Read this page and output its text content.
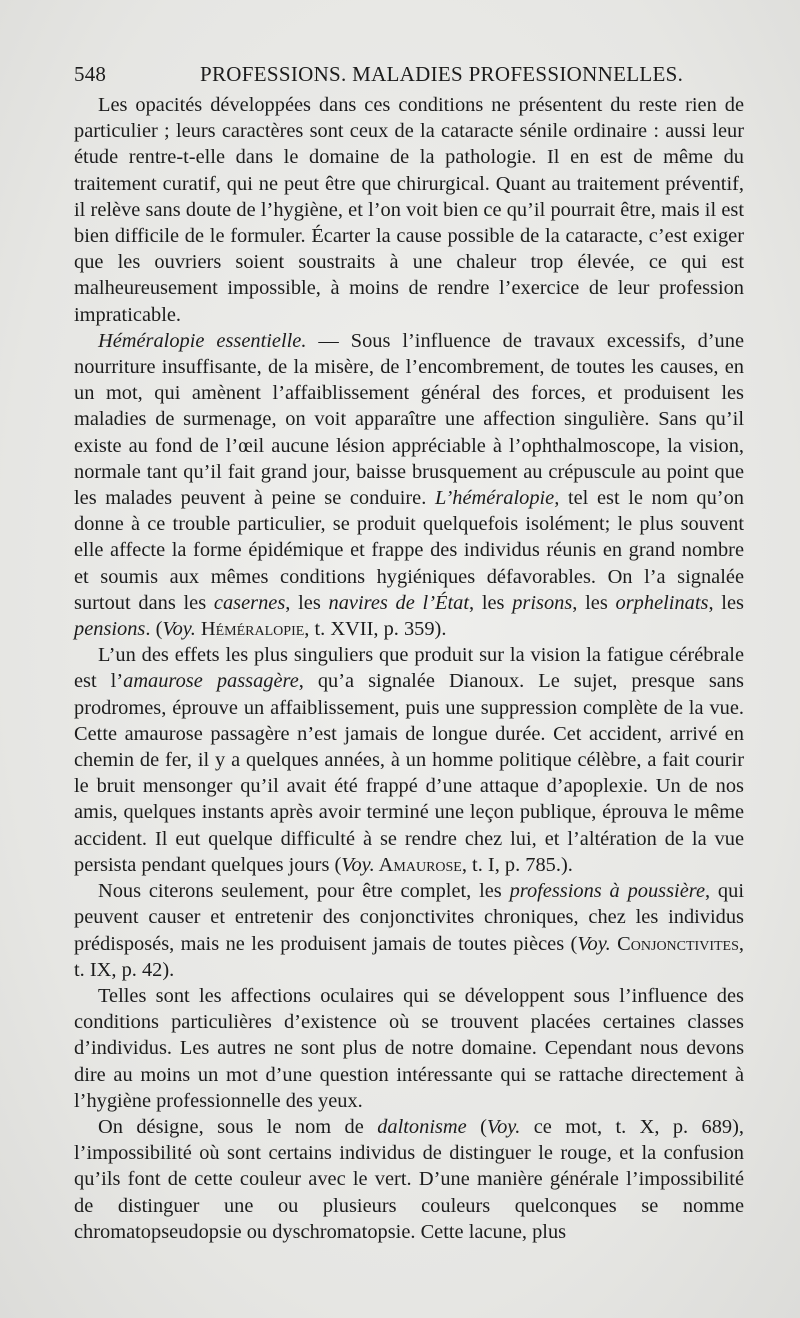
548	PROFESSIONS. MALADIES PROFESSIONNELLES.

Les opacités développées dans ces conditions ne présentent du reste rien de particulier ; leurs caractères sont ceux de la cataracte sénile ordinaire : aussi leur étude rentre-t-elle dans le domaine de la pathologie. Il en est de même du traitement curatif, qui ne peut être que chirurgical. Quant au traitement préventif, il relève sans doute de l’hygiène, et l’on voit bien ce qu’il pourrait être, mais il est bien difficile de le formuler. Écarter la cause possible de la cataracte, c’est exiger que les ouvriers soient soustraits à une chaleur trop élevée, ce qui est malheureusement impossible, à moins de rendre l’exercice de leur profession impraticable.

Héméralopie essentielle. — Sous l’influence de travaux excessifs, d’une nourriture insuffisante, de la misère, de l’encombrement, de toutes les causes, en un mot, qui amènent l’affaiblissement général des forces, et produisent les maladies de surmenage, on voit apparaître une affection singulière. Sans qu’il existe au fond de l’œil aucune lésion appréciable à l’ophthalmoscope, la vision, normale tant qu’il fait grand jour, baisse brusquement au crépuscule au point que les malades peuvent à peine se conduire. L’héméralopie, tel est le nom qu’on donne à ce trouble particulier, se produit quelquefois isolément; le plus souvent elle affecte la forme épidémique et frappe des individus réunis en grand nombre et soumis aux mêmes conditions hygiéniques défavorables. On l’a signalée surtout dans les casernes, les navires de l’État, les prisons, les orphelinats, les pensions. (Voy. Héméralopie, t. XVII, p. 359).

L’un des effets les plus singuliers que produit sur la vision la fatigue cérébrale est l’amaurose passagère, qu’a signalée Dianoux. Le sujet, presque sans prodromes, éprouve un affaiblissement, puis une suppression complète de la vue. Cette amaurose passagère n’est jamais de longue durée. Cet accident, arrivé en chemin de fer, il y a quelques années, à un homme politique célèbre, a fait courir le bruit mensonger qu’il avait été frappé d’une attaque d’apoplexie. Un de nos amis, quelques instants après avoir terminé une leçon publique, éprouva le même accident. Il eut quelque difficulté à se rendre chez lui, et l’altération de la vue persista pendant quelques jours (Voy. Amaurose, t. I, p. 785.).

Nous citerons seulement, pour être complet, les professions à poussière, qui peuvent causer et entretenir des conjonctivites chroniques, chez les individus prédisposés, mais ne les produisent jamais de toutes pièces (Voy. Conjonctivites, t. IX, p. 42).

Telles sont les affections oculaires qui se développent sous l’influence des conditions particulières d’existence où se trouvent placées certaines classes d’individus. Les autres ne sont plus de notre domaine. Cependant nous devons dire au moins un mot d’une question intéressante qui se rattache directement à l’hygiène professionnelle des yeux.

On désigne, sous le nom de daltonisme (Voy. ce mot, t. X, p. 689), l’impossibilité où sont certains individus de distinguer le rouge, et la confusion qu’ils font de cette couleur avec le vert. D’une manière générale l’impossibilité de distinguer une ou plusieurs couleurs quelconques se nomme chromatopseudopsie ou dyschromatopsie. Cette lacune, plus
